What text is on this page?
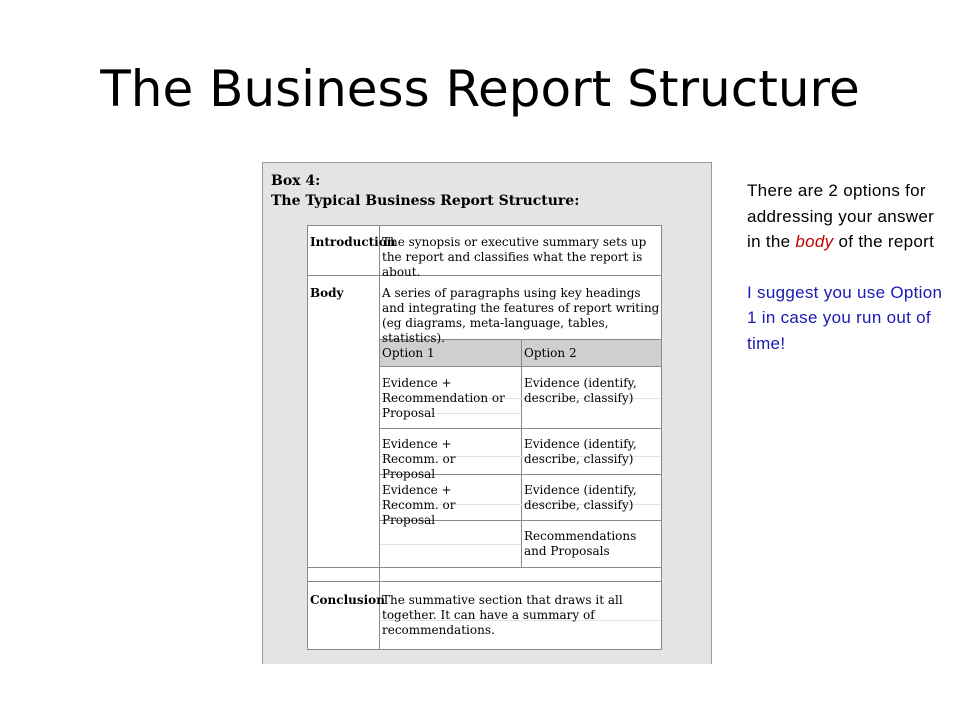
The Business Report Structure
Box 4:
The Typical Business Report Structure:
Introduction
The synopsis or executive summary sets up the report and classifies what the report is about.
Body	A series of paragraphs using key headings and integrating the features of report writing (eg diagrams, meta-language, tables, statistics).
Option 1	Option 2
Evidence + Recommendation or Proposal
Evidence (identify, describe, classify)
Evidence + Recomm. or Proposal
Evidence (identify, describe, classify)
Evidence + Recomm. or Proposal
Evidence (identify, describe, classify)
Recommendations and Proposals
Conclusion
The summative section that draws it all together. It can have a summary of recommendations.

There are 2 options for addressing your answer in the body of the report

I suggest you use Option 1 in case you run out of time!
